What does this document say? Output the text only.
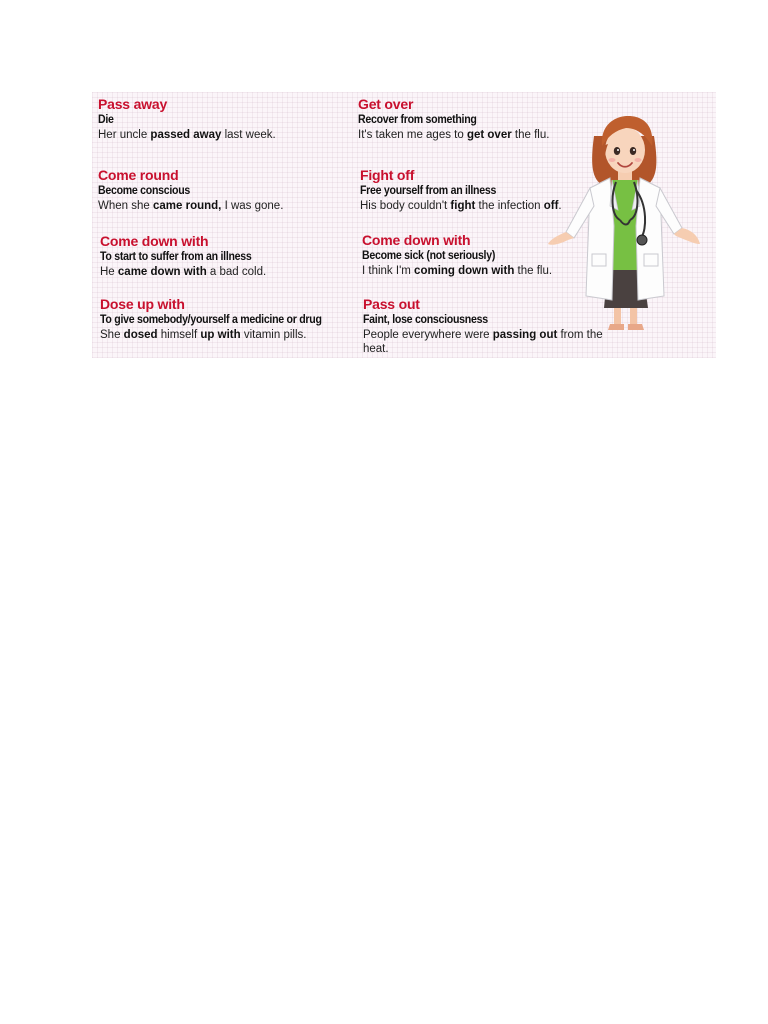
Pass away
Die
Her uncle passed away last week.
Get over
Recover from something
It's taken me ages to get over the flu.
Come round
Become conscious
When she came round, I was gone.
Fight off
Free yourself from an illness
His body couldn't fight the infection off.
Come down with
To start to suffer from an illness
He came down with a bad cold.
Come down with
Become sick (not seriously)
I think I'm coming down with the flu.
Dose up with
To give somebody/yourself a medicine or drug
She dosed himself up with vitamin pills.
Pass out
Faint, lose consciousness
People everywhere were passing out from the heat.
